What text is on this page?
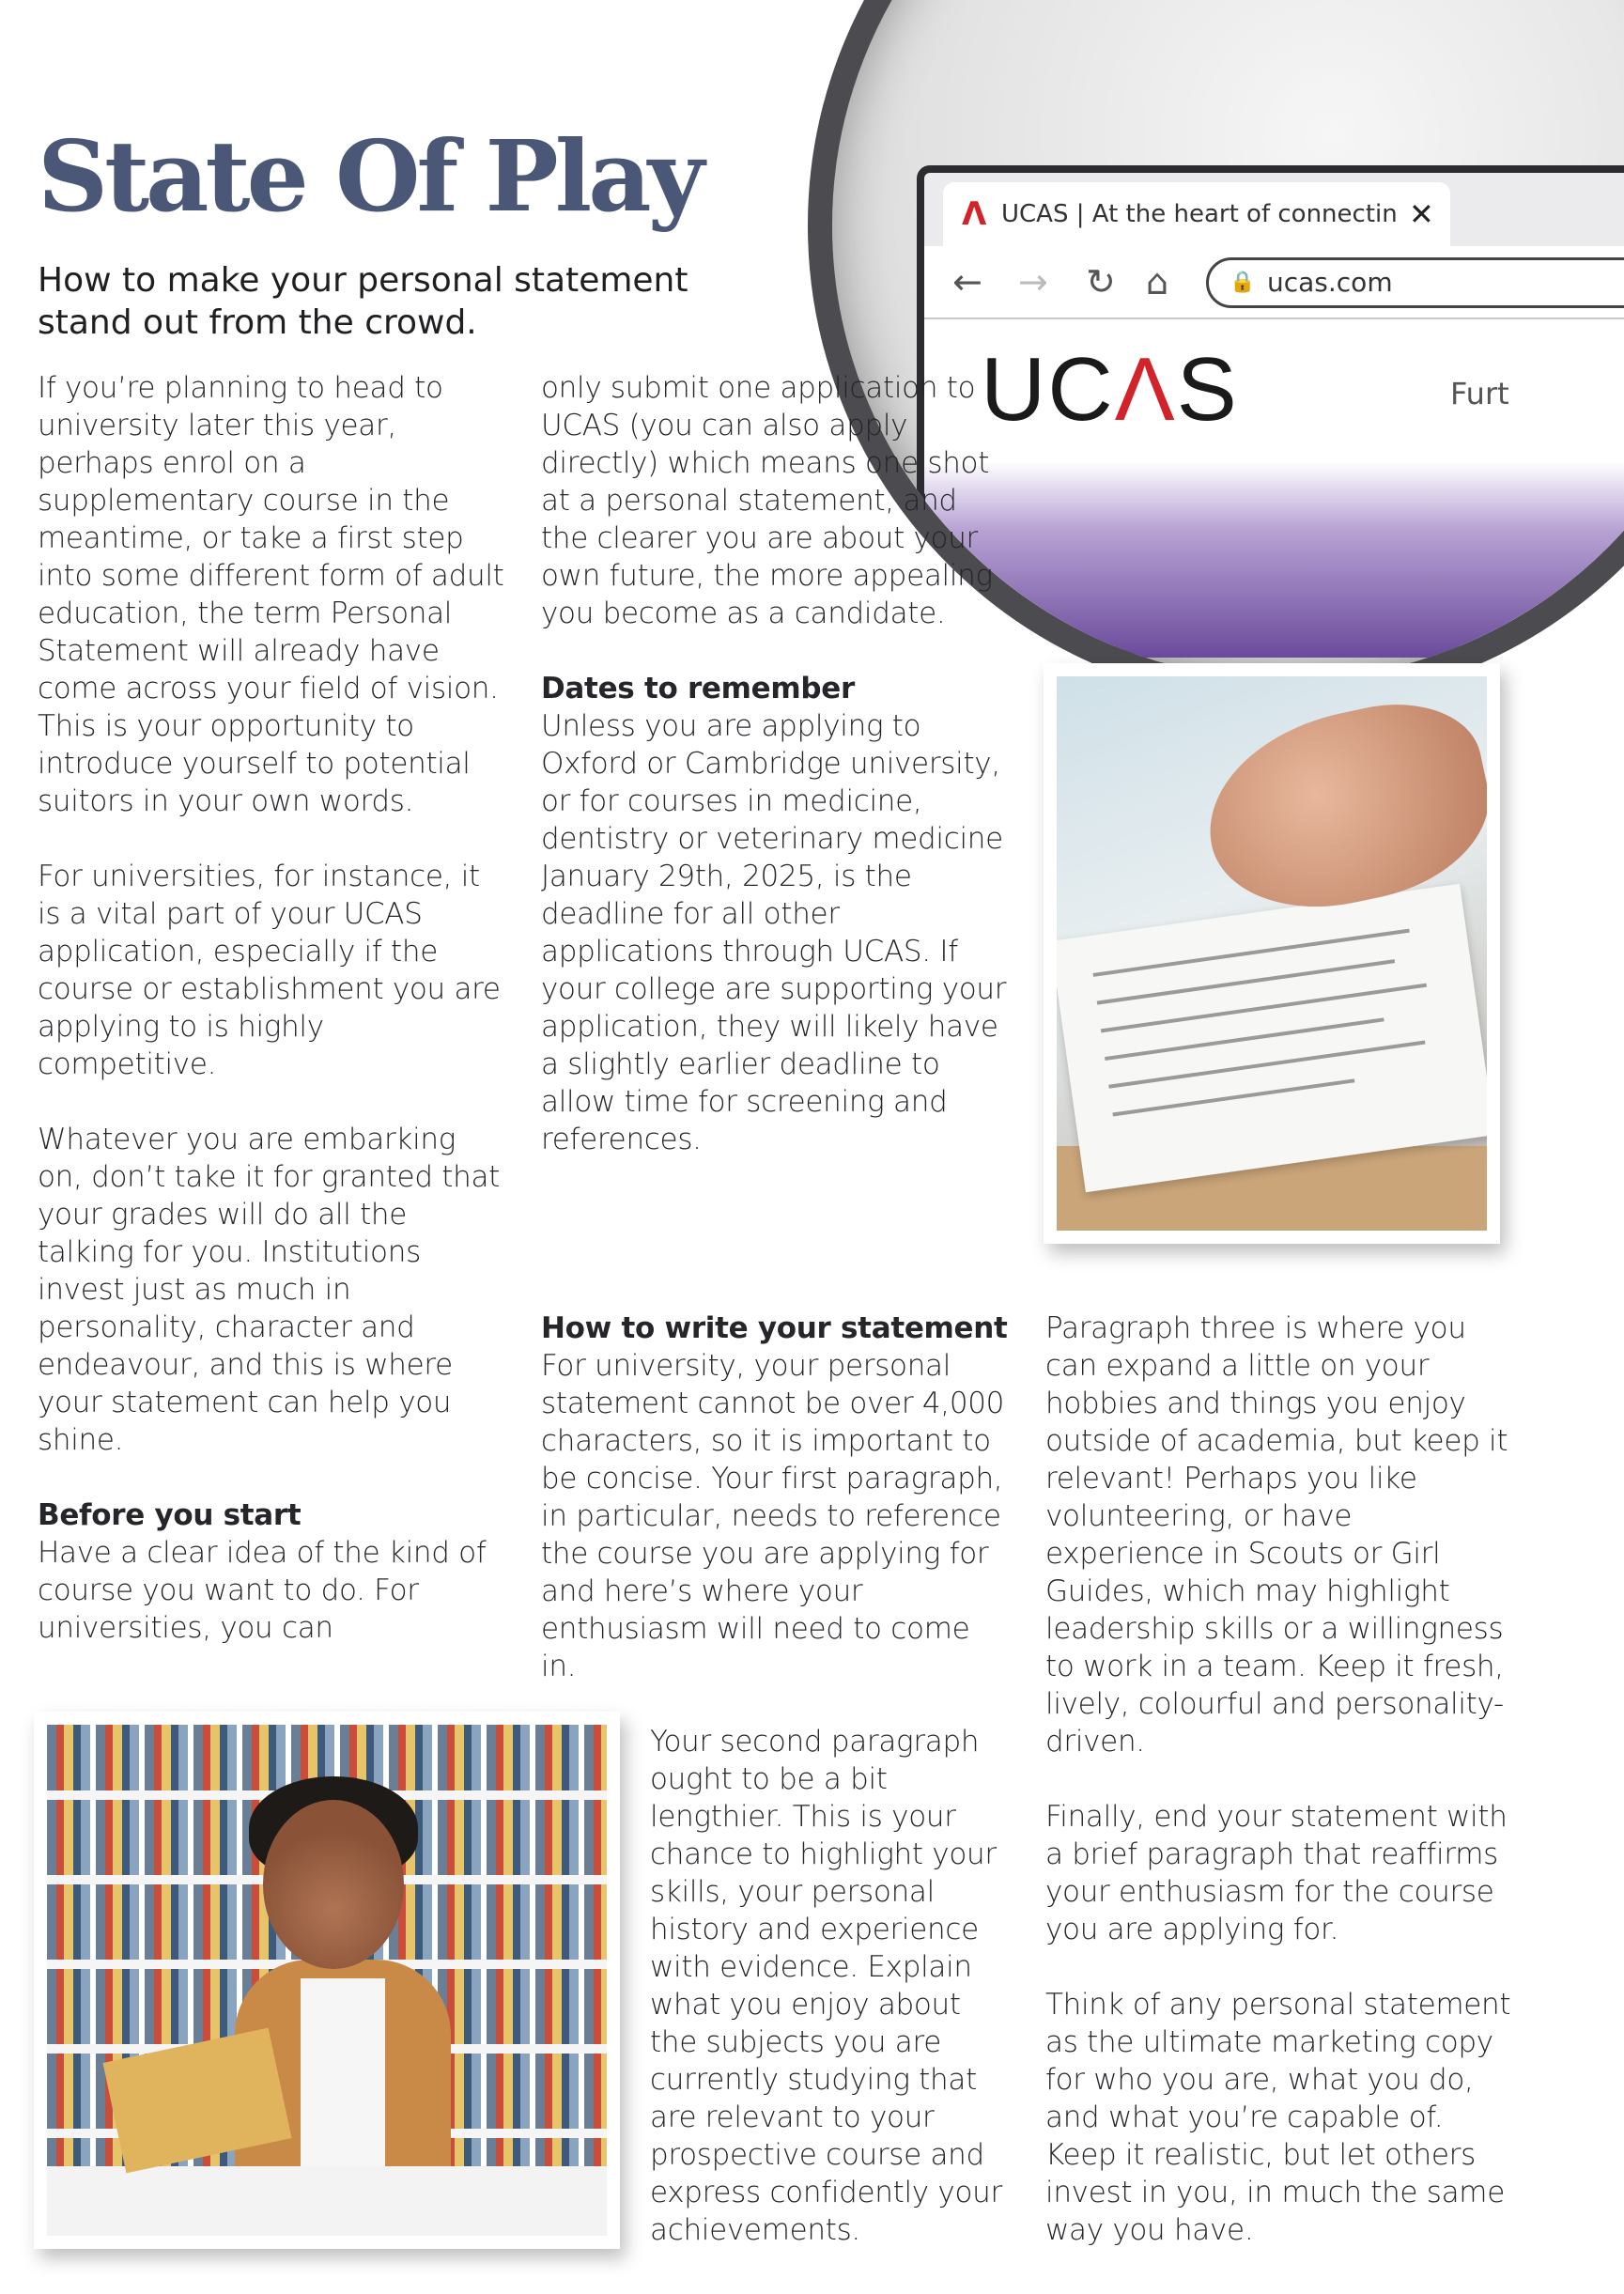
State Of Play
How to make your personal statement stand out from the crowd.
Λ UCAS | At the heart of connectin ✕
← → ↻ ⌂	🔒 ucas.com
UCΛS	Furt

If you’re planning to head to university later this year, perhaps enrol on a supplementary course in the meantime, or take a first step into some different form of adult education, the term Personal Statement will already have come across your field of vision. This is your opportunity to introduce yourself to potential suitors in your own words.

For universities, for instance, it is a vital part of your UCAS application, especially if the course or establishment you are applying to is highly competitive.

Whatever you are embarking on, don’t take it for granted that your grades will do all the talking for you. Institutions invest just as much in personality, character and endeavour, and this is where your statement can help you shine.

Before you start
Have a clear idea of the kind of course you want to do. For universities, you can

only submit one application to UCAS (you can also apply directly) which means one shot at a personal statement, and the clearer you are about your own future, the more appealing you become as a candidate.

Dates to remember
Unless you are applying to Oxford or Cambridge university, or for courses in medicine, dentistry or veterinary medicine January 29th, 2025, is the deadline for all other applications through UCAS. If your college are supporting your application, they will likely have a slightly earlier deadline to allow time for screening and references.

How to write your statement
For university, your personal statement cannot be over 4,000 characters, so it is important to be concise. Your first paragraph, in particular, needs to reference the course you are applying for and here’s where your enthusiasm will need to come in.

Your second paragraph ought to be a bit lengthier. This is your chance to highlight your skills, your personal history and experience with evidence. Explain what you enjoy about the subjects you are currently studying that are relevant to your prospective course and express confidently your achievements.

Paragraph three is where you can expand a little on your hobbies and things you enjoy outside of academia, but keep it relevant! Perhaps you like volunteering, or have experience in Scouts or Girl Guides, which may highlight leadership skills or a willingness to work in a team. Keep it fresh, lively, colourful and personality-driven.

Finally, end your statement with a brief paragraph that reaffirms your enthusiasm for the course you are applying for.

Think of any personal statement as the ultimate marketing copy for who you are, what you do, and what you’re capable of. Keep it realistic, but let others invest in you, in much the same way you have.
